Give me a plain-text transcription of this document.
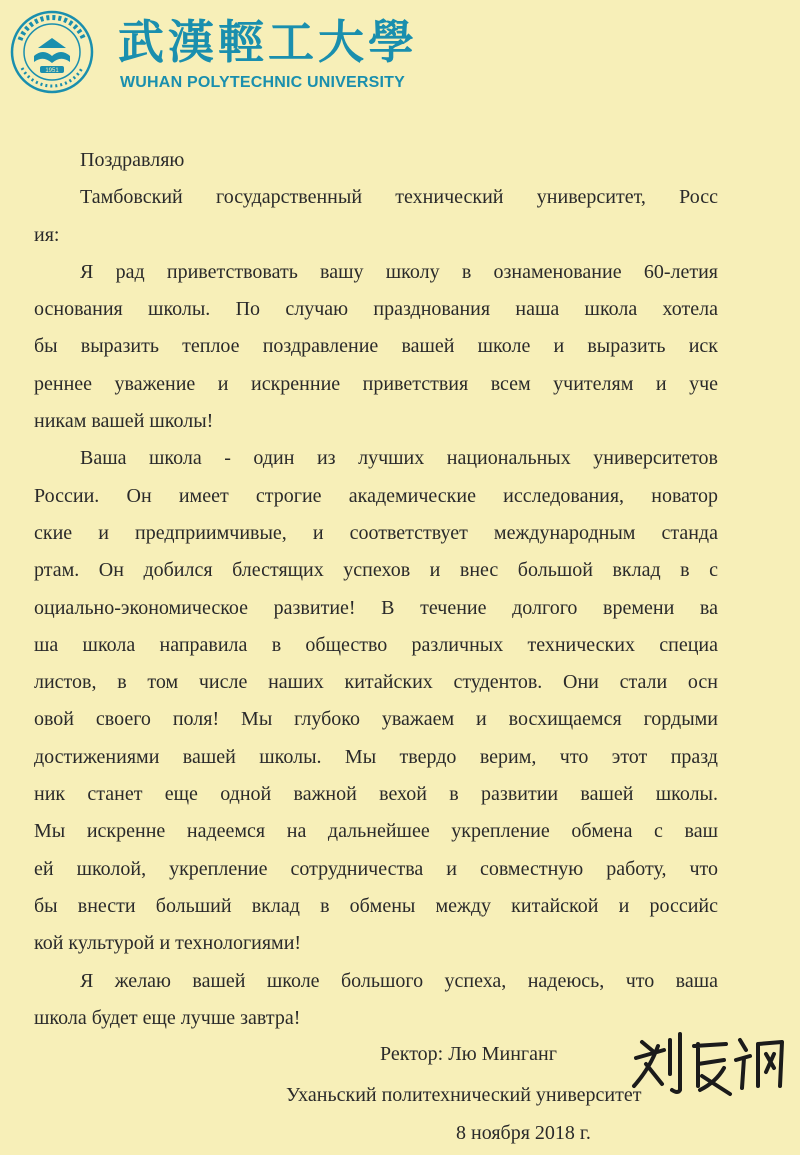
1951
武漢輕工大學
WUHAN POLYTECHNIC UNIVERSITY
Поздравляю
Тамбовский государственный технический университет, Росс
ия:
Я рад приветствовать вашу школу в ознаменование 60-летия
основания школы. По случаю празднования наша школа хотела
бы выразить теплое поздравление вашей школе и выразить иск
реннее уважение и искренние приветствия всем учителям и уче
никам вашей школы!
Ваша школа - один из лучших национальных университетов
России. Он имеет строгие академические исследования, новатор
ские и предприимчивые, и соответствует международным станда
ртам. Он добился блестящих успехов и внес большой вклад в с
оциально-экономическое развитие! В течение долгого времени ва
ша школа направила в общество различных технических специа
листов, в том числе наших китайских студентов. Они стали осн
овой своего поля! Мы глубоко уважаем и восхищаемся гордыми
достижениями вашей школы. Мы твердо верим, что этот празд
ник станет еще одной важной вехой в развитии вашей школы.
Мы искренне надеемся на дальнейшее укрепление обмена с ваш
ей школой, укрепление сотрудничества и совместную работу, что
бы внести больший вклад в обмены между китайской и российс
кой культурой и технологиями!
Я желаю вашей школе большого успеха, надеюсь, что ваша
школа будет еще лучше завтра!
Ректор: Лю Мингaнг
Уханьский политехнический университет
8 ноября 2018 г.
